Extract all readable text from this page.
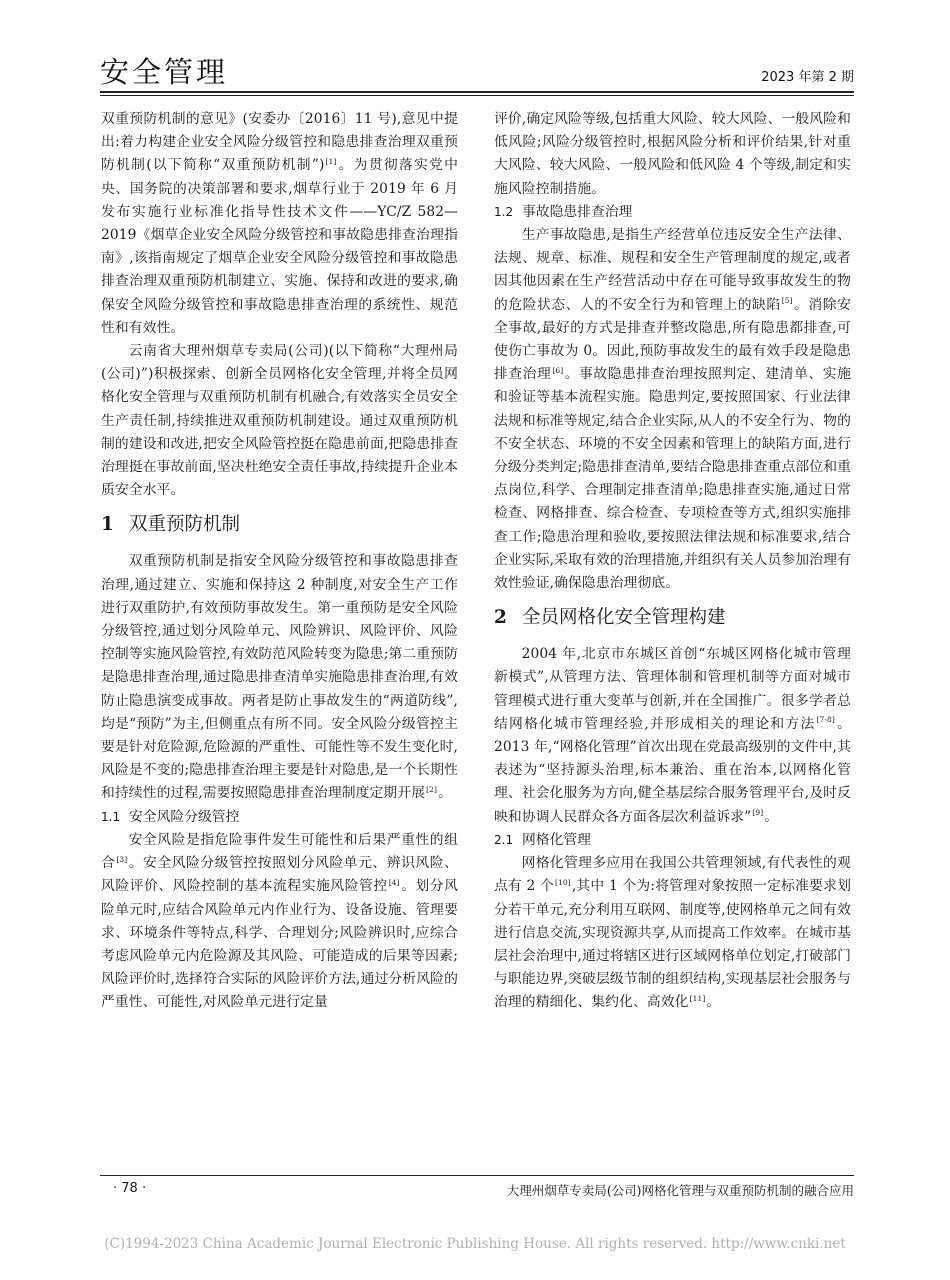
安全管理	2023 年第 2 期

双重预防机制的意见》(安委办〔2016〕11 号),意见中提出:着力构建企业安全风险分级管控和隐患排查治理双重预防机制(以下简称“双重预防机制”)[1]。为贯彻落实党中央、国务院的决策部署和要求,烟草行业于 2019 年 6 月发布实施行业标准化指导性技术文件——YC/Z 582—2019《烟草企业安全风险分级管控和事故隐患排查治理指南》,该指南规定了烟草企业安全风险分级管控和事故隐患排查治理双重预防机制建立、实施、保持和改进的要求,确保安全风险分级管控和事故隐患排查治理的系统性、规范性和有效性。

云南省大理州烟草专卖局(公司)(以下简称“大理州局(公司)”)积极探索、创新全员网格化安全管理,并将全员网格化安全管理与双重预防机制有机融合,有效落实全员安全生产责任制,持续推进双重预防机制建设。通过双重预防机制的建设和改进,把安全风险管控挺在隐患前面,把隐患排查治理挺在事故前面,坚决杜绝安全责任事故,持续提升企业本质安全水平。

1 双重预防机制

双重预防机制是指安全风险分级管控和事故隐患排查治理,通过建立、实施和保持这 2 种制度,对安全生产工作进行双重防护,有效预防事故发生。第一重预防是安全风险分级管控,通过划分风险单元、风险辨识、风险评价、风险控制等实施风险管控,有效防范风险转变为隐患;第二重预防是隐患排查治理,通过隐患排查清单实施隐患排查治理,有效防止隐患演变成事故。两者是防止事故发生的“两道防线”,均是“预防”为主,但侧重点有所不同。安全风险分级管控主要是针对危险源,危险源的严重性、可能性等不发生变化时,风险是不变的;隐患排查治理主要是针对隐患,是一个长期性和持续性的过程,需要按照隐患排查治理制度定期开展[2]。

1.1 安全风险分级管控

安全风险是指危险事件发生可能性和后果严重性的组合[3]。安全风险分级管控按照划分风险单元、辨识风险、风险评价、风险控制的基本流程实施风险管控[4]。划分风险单元时,应结合风险单元内作业行为、设备设施、管理要求、环境条件等特点,科学、合理划分;风险辨识时,应综合考虑风险单元内危险源及其风险、可能造成的后果等因素;风险评价时,选择符合实际的风险评价方法,通过分析风险的严重性、可能性,对风险单元进行定量

评价,确定风险等级,包括重大风险、较大风险、一般风险和低风险;风险分级管控时,根据风险分析和评价结果,针对重大风险、较大风险、一般风险和低风险 4 个等级,制定和实施风险控制措施。

1.2 事故隐患排查治理

生产事故隐患,是指生产经营单位违反安全生产法律、法规、规章、标准、规程和安全生产管理制度的规定,或者因其他因素在生产经营活动中存在可能导致事故发生的物的危险状态、人的不安全行为和管理上的缺陷[5]。消除安全事故,最好的方式是排查并整改隐患,所有隐患都排查,可使伤亡事故为 0。因此,预防事故发生的最有效手段是隐患排查治理[6]。事故隐患排查治理按照判定、建清单、实施和验证等基本流程实施。隐患判定,要按照国家、行业法律法规和标准等规定,结合企业实际,从人的不安全行为、物的不安全状态、环境的不安全因素和管理上的缺陷方面,进行分级分类判定;隐患排查清单,要结合隐患排查重点部位和重点岗位,科学、合理制定排查清单;隐患排查实施,通过日常检查、网格排查、综合检查、专项检查等方式,组织实施排查工作;隐患治理和验收,要按照法律法规和标准要求,结合企业实际,采取有效的治理措施,并组织有关人员参加治理有效性验证,确保隐患治理彻底。

2 全员网格化安全管理构建

2004 年,北京市东城区首创“东城区网格化城市管理新模式”,从管理方法、管理体制和管理机制等方面对城市管理模式进行重大变革与创新,并在全国推广。很多学者总结网格化城市管理经验,并形成相关的理论和方法[7-8]。2013 年,“网格化管理”首次出现在党最高级别的文件中,其表述为“坚持源头治理,标本兼治、重在治本,以网格化管理、社会化服务为方向,健全基层综合服务管理平台,及时反映和协调人民群众各方面各层次利益诉求”[9]。

2.1 网格化管理

网格化管理多应用在我国公共管理领域,有代表性的观点有 2 个[10],其中 1 个为:将管理对象按照一定标准要求划分若干单元,充分利用互联网、制度等,使网格单元之间有效进行信息交流,实现资源共享,从而提高工作效率。在城市基层社会治理中,通过将辖区进行区域网格单位划定,打破部门与职能边界,突破层级节制的组织结构,实现基层社会服务与治理的精细化、集约化、高效化[11]。

· 78 ·	大理州烟草专卖局(公司)网格化管理与双重预防机制的融合应用
(C)1994-2023 China Academic Journal Electronic Publishing House. All rights reserved. http://www.cnki.net
